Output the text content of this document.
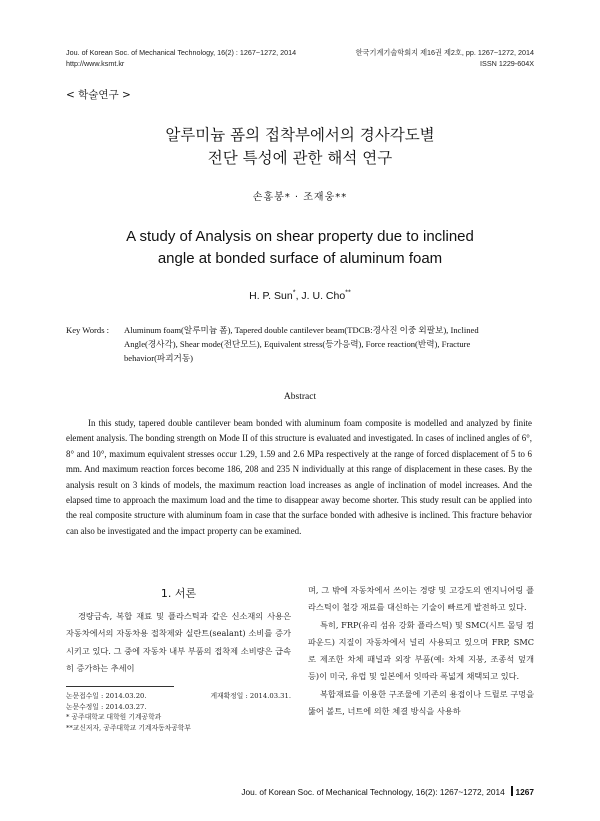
Jou. of Korean Soc. of Mechanical Technology, 16(2) : 1267~1272, 2014
http://www.ksmt.kr
한국기계기술학회지 제16권 제2호, pp. 1267~1272, 2014
ISSN 1229-604X
< 학술연구 >
알루미늄 폼의 접착부에서의 경사각도별
전단 특성에 관한 해석 연구
손홍봉* · 조재웅**
A study of Analysis on shear property due to inclined
angle at bonded surface of aluminum foam
H. P. Sun*, J. U. Cho**
Key Words : Aluminum foam(알루미늄 폼), Tapered double cantilever beam(TDCB:경사진 이중 외팔보), Inclined
Angle(경사각), Shear mode(전단모드), Equivalent stress(등가응력), Force reaction(반력), Fracture
behavior(파괴거동)
Abstract

In this study, tapered double cantilever beam bonded with aluminum foam composite is modelled and analyzed by finite element analysis. The bonding strength on Mode II of this structure is evaluated and investigated. In cases of inclined angles of 6°, 8° and 10°, maximum equivalent stresses occur 1.29, 1.59 and 2.6 MPa respectively at the range of forced displacement of 5 to 6 mm. And maximum reaction forces become 186, 208 and 235 N individually at this range of displacement in these cases. By the analysis result on 3 kinds of models, the maximum reaction load increases as angle of inclination of model increases. And the elapsed time to approach the maximum load and the time to disappear away become shorter. This study result can be applied into the real composite structure with aluminum foam in case that the surface bonded with adhesive is inclined. This fracture behavior can also be investigated and the impact property can be examined.

1. 서론

경량금속, 복합 재료 및 플라스틱과 같은 신소재의 사용은 자동차에서의 자동차용 접착제와 실란트(sealant) 소비를 증가시키고 있다. 그 중에 자동차 내부 부품의 접착제 소비량은 급속히 증가하는 추세이

논문접수일 : 2014.03.20.	게재확정일 : 2014.03.31.
논문수정일 : 2014.03.27.
* 공주대학교 대학원 기계공학과
**교신저자, 공주대학교 기계자동차공학부

며, 그 밖에 자동차에서 쓰이는 경량 및 고강도의 엔지니어링 플라스틱이 철강 재료를 대신하는 기술이 빠르게 발전하고 있다.

특히, FRP(유리 섬유 강화 플라스틱) 및 SMC(시트 몰딩 컴파운드) 지질이 자동차에서 널리 사용되고 있으며 FRP, SMC로 제조한 차체 패널과 외장 부품(예: 차체 지붕, 조종석 덮개 등)이 미국, 유럽 및 일본에서 잇따라 폭넓게 채택되고 있다.

복합재료를 이용한 구조물에 기존의 용접이나 드릴로 구멍을 뚫어 볼트, 너트에 의한 체결 방식을 사용하

Jou. of Korean Soc. of Mechanical Technology, 16(2): 1267~1272, 2014 1267
